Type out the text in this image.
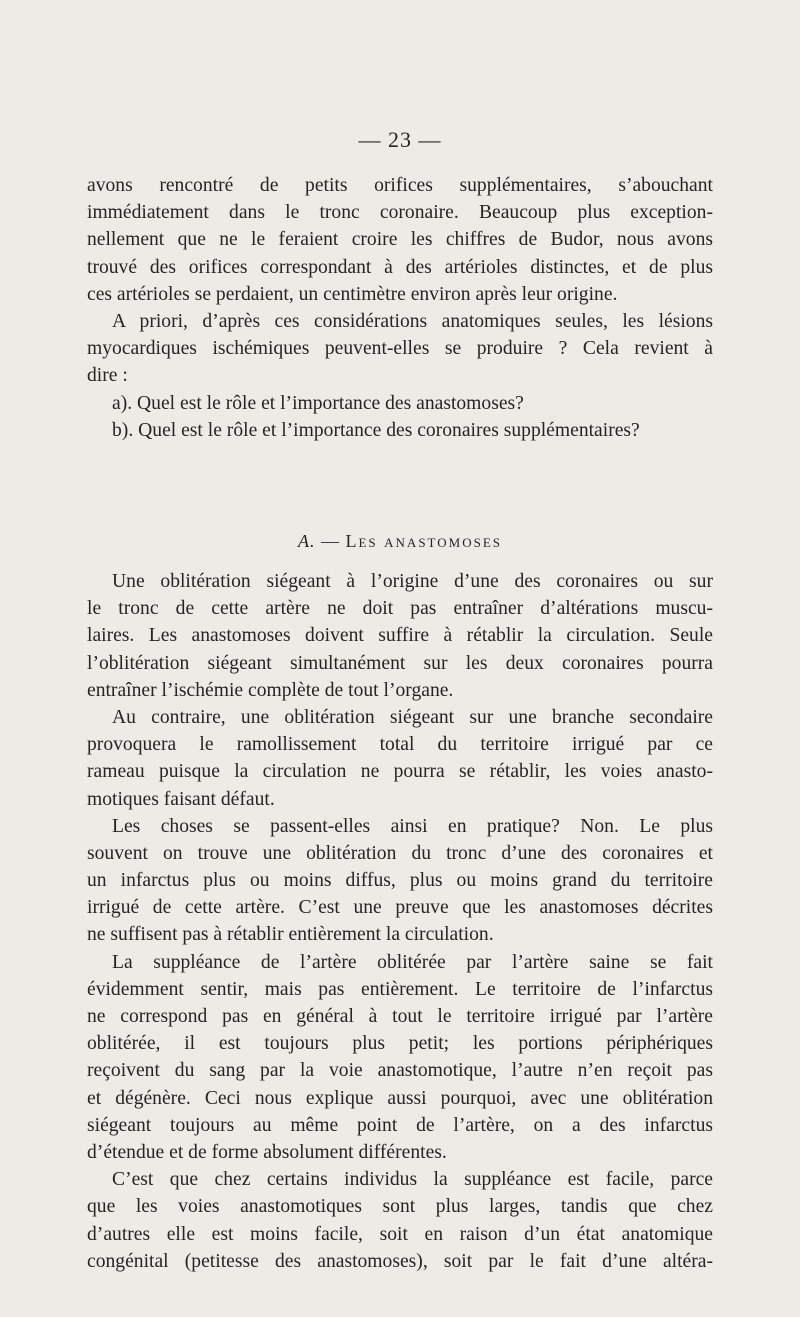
— 23 —
avons rencontré de petits orifices supplémentaires, s’abouchant
immédiatement dans le tronc coronaire. Beaucoup plus exception-
nellement que ne le feraient croire les chiffres de Budor, nous avons
trouvé des orifices correspondant à des artérioles distinctes, et de plus
ces artérioles se perdaient, un centimètre environ après leur origine.
A priori, d’après ces considérations anatomiques seules, les lésions
myocardiques ischémiques peuvent-elles se produire ? Cela revient à
dire :
a). Quel est le rôle et l’importance des anastomoses?
b). Quel est le rôle et l’importance des coronaires supplémentaires?
A. — Les anastomoses
Une oblitération siégeant à l’origine d’une des coronaires ou sur
le tronc de cette artère ne doit pas entraîner d’altérations muscu-
laires. Les anastomoses doivent suffire à rétablir la circulation. Seule
l’oblitération siégeant simultanément sur les deux coronaires pourra
entraîner l’ischémie complète de tout l’organe.
Au contraire, une oblitération siégeant sur une branche secondaire
provoquera le ramollissement total du territoire irrigué par ce
rameau puisque la circulation ne pourra se rétablir, les voies anasto-
motiques faisant défaut.
Les choses se passent-elles ainsi en pratique? Non. Le plus
souvent on trouve une oblitération du tronc d’une des coronaires et
un infarctus plus ou moins diffus, plus ou moins grand du territoire
irrigué de cette artère. C’est une preuve que les anastomoses décrites
ne suffisent pas à rétablir entièrement la circulation.
La suppléance de l’artère oblitérée par l’artère saine se fait
évidemment sentir, mais pas entièrement. Le territoire de l’infarctus
ne correspond pas en général à tout le territoire irrigué par l’artère
oblitérée, il est toujours plus petit; les portions périphériques
reçoivent du sang par la voie anastomotique, l’autre n’en reçoit pas
et dégénère. Ceci nous explique aussi pourquoi, avec une oblitération
siégeant toujours au même point de l’artère, on a des infarctus
d’étendue et de forme absolument différentes.
C’est que chez certains individus la suppléance est facile, parce
que les voies anastomotiques sont plus larges, tandis que chez
d’autres elle est moins facile, soit en raison d’un état anatomique
congénital (petitesse des anastomoses), soit par le fait d’une altéra-
